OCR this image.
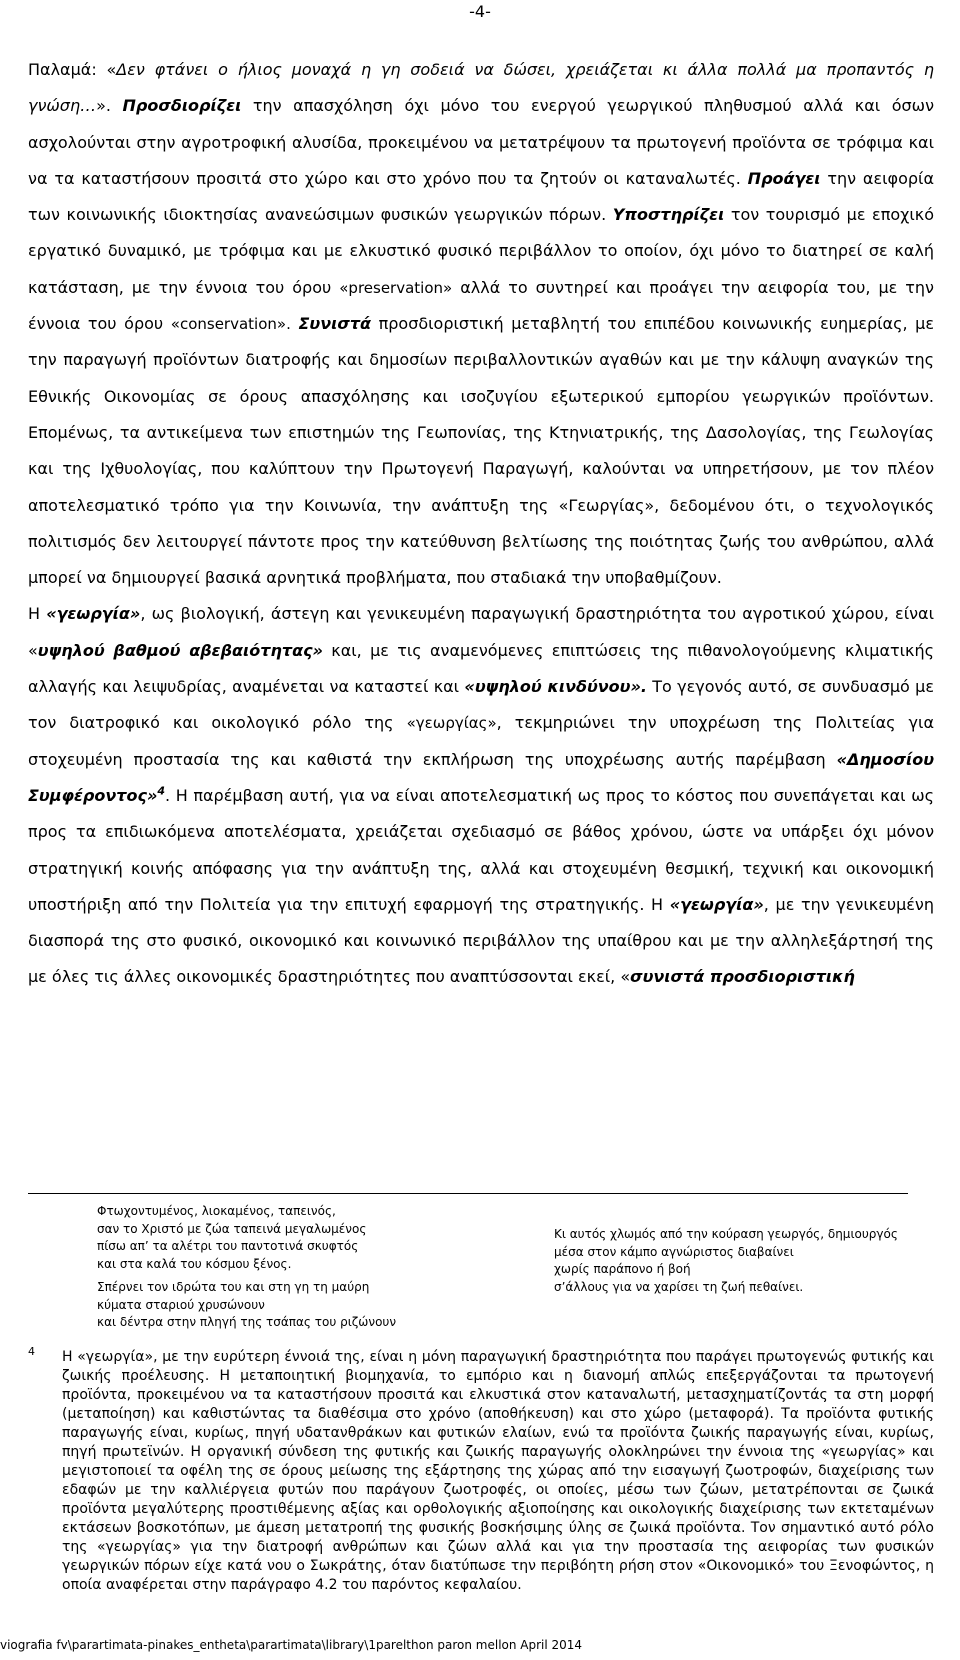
-4-

Παλαμά: «Δεν φτάνει ο ήλιος μοναχά η γη σοδειά να δώσει, χρειάζεται κι άλλα πολλά μα προπαντός η γνώση…». Προσδιορίζει την απασχόληση όχι μόνο του ενεργού γεωργικού πληθυσμού αλλά και όσων ασχολούνται στην αγροτροφική αλυσίδα, προκειμένου να μετατρέψουν τα πρωτογενή προϊόντα σε τρόφιμα και να τα καταστήσουν προσιτά στο χώρο και στο χρόνο που τα ζητούν οι καταναλωτές. Προάγει την αειφορία των κοινωνικής ιδιοκτησίας ανανεώσιμων φυσικών γεωργικών πόρων. Υποστηρίζει τον τουρισμό με εποχικό εργατικό δυναμικό, με τρόφιμα και με ελκυστικό φυσικό περιβάλλον το οποίον, όχι μόνο το διατηρεί σε καλή κατάσταση, με την έννοια του όρου «preservation» αλλά το συντηρεί και προάγει την αειφορία του, με την έννοια του όρου «conservation». Συνιστά προσδιοριστική μεταβλητή του επιπέδου κοινωνικής ευημερίας, με την παραγωγή προϊόντων διατροφής και δημοσίων περιβαλλοντικών αγαθών και με την κάλυψη αναγκών της Εθνικής Οικονομίας σε όρους απασχόλησης και ισοζυγίου εξωτερικού εμπορίου γεωργικών προϊόντων. Επομένως, τα αντικείμενα των επιστημών της Γεωπονίας, της Κτηνιατρικής, της Δασολογίας, της Γεωλογίας και της Ιχθυολογίας, που καλύπτουν την Πρωτογενή Παραγωγή, καλούνται να υπηρετήσουν, με τον πλέον αποτελεσματικό τρόπο για την Κοινωνία, την ανάπτυξη της «Γεωργίας», δεδομένου ότι, ο τεχνολογικός πολιτισμός δεν λειτουργεί πάντοτε προς την κατεύθυνση βελτίωσης της ποιότητας ζωής του ανθρώπου, αλλά μπορεί να δημιουργεί βασικά αρνητικά προβλήματα, που σταδιακά την υποβαθμίζουν.

Η «γεωργία», ως βιολογική, άστεγη και γενικευμένη παραγωγική δραστηριότητα του αγροτικού χώρου, είναι «υψηλού βαθμού αβεβαιότητας» και, με τις αναμενόμενες επιπτώσεις της πιθανολογούμενης κλιματικής αλλαγής και λειψυδρίας, αναμένεται να καταστεί και «υψηλού κινδύνου». Το γεγονός αυτό, σε συνδυασμό με τον διατροφικό και οικολογικό ρόλο της «γεωργίας», τεκμηριώνει την υποχρέωση της Πολιτείας για στοχευμένη προστασία της και καθιστά την εκπλήρωση της υποχρέωσης αυτής παρέμβαση «Δημοσίου Συμφέροντος»$^4$. Η παρέμβαση αυτή, για να είναι αποτελεσματική ως προς το κόστος που συνεπάγεται και ως προς τα επιδιωκόμενα αποτελέσματα, χρειάζεται σχεδιασμό σε βάθος χρόνου, ώστε να υπάρξει όχι μόνον στρατηγική κοινής απόφασης για την ανάπτυξη της, αλλά και στοχευμένη θεσμική, τεχνική και οικονομική υποστήριξη από την Πολιτεία για την επιτυχή εφαρμογή της στρατηγικής. Η «γεωργία», με την γενικευμένη διασπορά της στο φυσικό, οικονομικό και κοινωνικό περιβάλλον της υπαίθρου και με την αλληλεξάρτησή της με όλες τις άλλες οικονομικές δραστηριότητες που αναπτύσσονται εκεί, «συνιστά προσδιοριστική

Φτωχοντυμένος, λιοκαμένος, ταπεινός,
σαν το Χριστό με ζώα ταπεινά μεγαλωμένος
πίσω απ’ τα αλέτρι του παντοτινά σκυφτός
και στα καλά του κόσμου ξένος.
Σπέρνει τον ιδρώτα του και στη γη τη μαύρη
κύματα σταριού χρυσώνουν
και δέντρα στην πληγή της τσάπας του ριζώνουν
Κι αυτός χλωμός από την κούραση γεωργός, δημιουργός
μέσα στον κάμπο αγνώριστος διαβαίνει
χωρίς παράπονο ή βοή
σ’άλλους για να χαρίσει τη ζωή πεθαίνει.
4 Η «γεωργία», με την ευρύτερη έννοιά της, είναι η μόνη παραγωγική δραστηριότητα που παράγει πρωτογενώς φυτικής και ζωικής προέλευσης. Η μεταποιητική βιομηχανία, το εμπόριο και η διανομή απλώς επεξεργάζονται τα πρωτογενή προϊόντα, προκειμένου να τα καταστήσουν προσιτά και ελκυστικά στον καταναλωτή, μετασχηματίζοντάς τα στη μορφή (μεταποίηση) και καθιστώντας τα διαθέσιμα στο χρόνο (αποθήκευση) και στο χώρο (μεταφορά). Τα προϊόντα φυτικής παραγωγής είναι, κυρίως, πηγή υδατανθράκων και φυτικών ελαίων, ενώ τα προϊόντα ζωικής παραγωγής είναι, κυρίως, πηγή πρωτεϊνών. Η οργανική σύνδεση της φυτικής και ζωικής παραγωγής ολοκληρώνει την έννοια της «γεωργίας» και μεγιστοποιεί τα οφέλη της σε όρους μείωσης της εξάρτησης της χώρας από την εισαγωγή ζωοτροφών, διαχείρισης των εδαφών με την καλλιέργεια φυτών που παράγουν ζωοτροφές, οι οποίες, μέσω των ζώων, μετατρέπονται σε ζωικά προϊόντα μεγαλύτερης προστιθέμενης αξίας και ορθολογικής αξιοποίησης και οικολογικής διαχείρισης των εκτεταμένων εκτάσεων βοσκοτόπων, με άμεση μετατροπή της φυσικής βοσκήσιμης ύλης σε ζωικά προϊόντα. Τον σημαντικό αυτό ρόλο της «γεωργίας» για την διατροφή ανθρώπων και ζώων αλλά και για την προστασία της αειφορίας των φυσικών γεωργικών πόρων είχε κατά νου ο Σωκράτης, όταν διατύπωσε την περιβόητη ρήση στον «Οικονομικό» του Ξενοφώντος, η οποία αναφέρεται στην παράγραφο 4.2 του παρόντος κεφαλαίου.
viografia fv\parartimata-pinakes_entheta\parartimata\library\1parelthon paron mellon April 2014
